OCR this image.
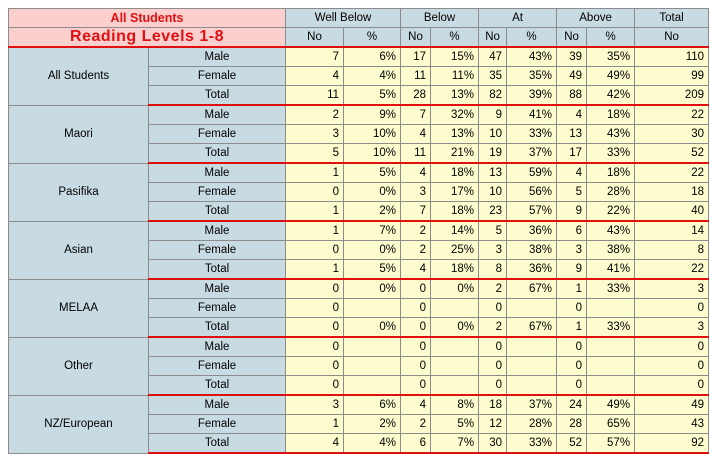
All Students		Well Below		Below		At		Above		Total
Reading Levels 1-8		No	%	No	%	No	%	No	%	No
All Students	Male	7	6%	17	15%	47	43%	39	35%	110
	Female	4	4%	11	11%	35	35%	49	49%	99
	Total	11	5%	28	13%	82	39%	88	42%	209
Maori	Male	2	9%	7	32%	9	41%	4	18%	22
	Female	3	10%	4	13%	10	33%	13	43%	30
	Total	5	10%	11	21%	19	37%	17	33%	52
Pasifika	Male	1	5%	4	18%	13	59%	4	18%	22
	Female	0	0%	3	17%	10	56%	5	28%	18
	Total	1	2%	7	18%	23	57%	9	22%	40
Asian	Male	1	7%	2	14%	5	36%	6	43%	14
	Female	0	0%	2	25%	3	38%	3	38%	8
	Total	1	5%	4	18%	8	36%	9	41%	22
MELAA	Male	0	0%	0	0%	2	67%	1	33%	3
	Female	0		0		0		0		0
	Total	0	0%	0	0%	2	67%	1	33%	3
Other	Male	0		0		0		0		0
	Female	0		0		0		0		0
	Total	0		0		0		0		0
NZ/European	Male	3	6%	4	8%	18	37%	24	49%	49
	Female	1	2%	2	5%	12	28%	28	65%	43
	Total	4	4%	6	7%	30	33%	52	57%	92
